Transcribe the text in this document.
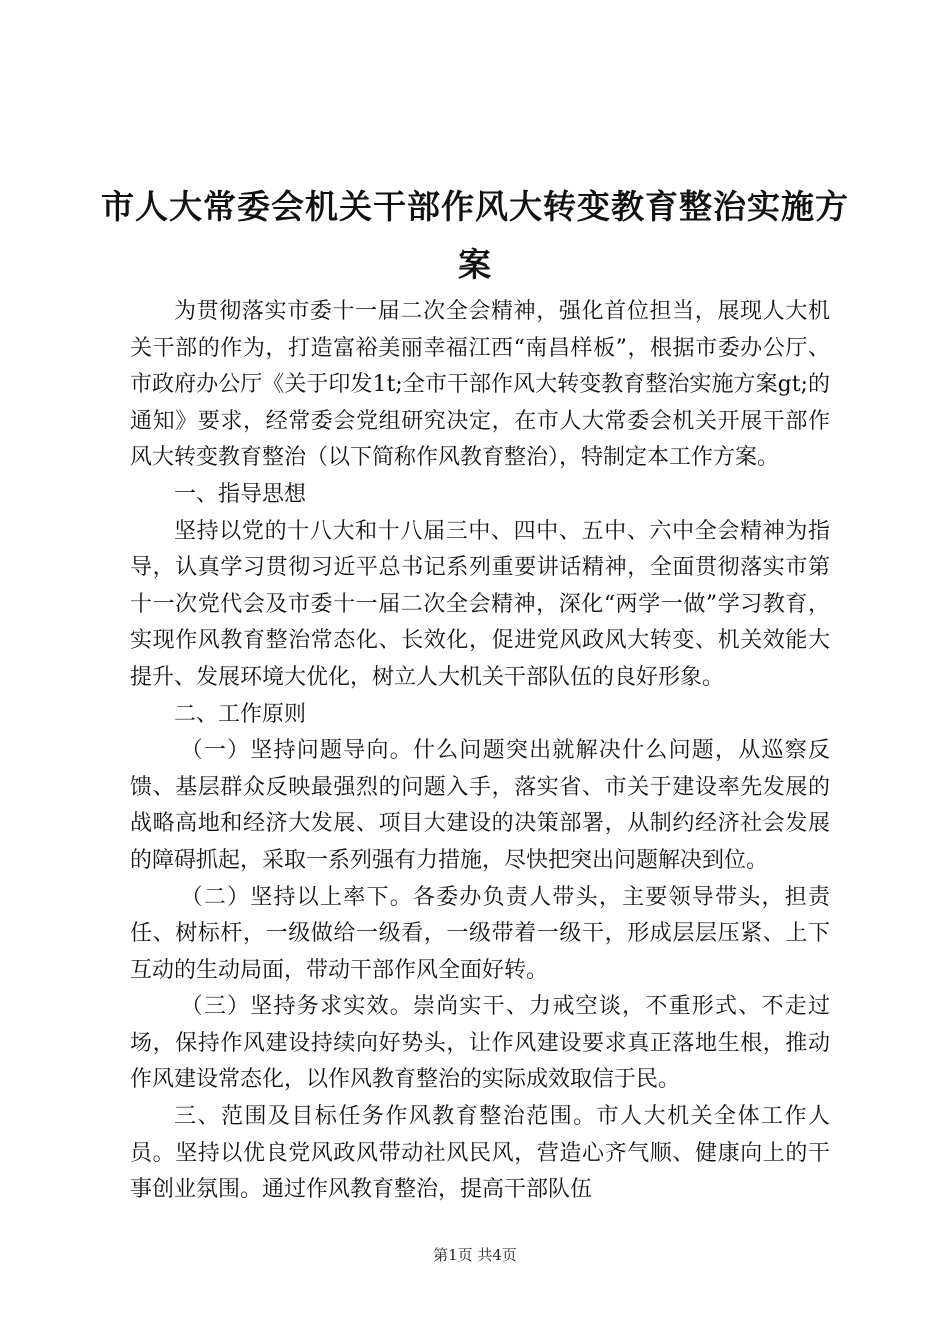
市人大常委会机关干部作风大转变教育整治实施方案

为贯彻落实市委十一届二次全会精神，强化首位担当，展现人大机关干部的作为，打造富裕美丽幸福江西“南昌样板”，根据市委办公厅、市政府办公厅《关于印发1t;全市干部作风大转变教育整治实施方案gt;的通知》要求，经常委会党组研究决定，在市人大常委会机关开展干部作风大转变教育整治（以下简称作风教育整治），特制定本工作方案。

一、指导思想

坚持以党的十八大和十八届三中、四中、五中、六中全会精神为指导，认真学习贯彻习近平总书记系列重要讲话精神，全面贯彻落实市第十一次党代会及市委十一届二次全会精神，深化“两学一做”学习教育，实现作风教育整治常态化、长效化，促进党风政风大转变、机关效能大提升、发展环境大优化，树立人大机关干部队伍的良好形象。

二、工作原则

（一）坚持问题导向。什么问题突出就解决什么问题，从巡察反馈、基层群众反映最强烈的问题入手，落实省、市关于建设率先发展的战略高地和经济大发展、项目大建设的决策部署，从制约经济社会发展的障碍抓起，采取一系列强有力措施，尽快把突出问题解决到位。

（二）坚持以上率下。各委办负责人带头，主要领导带头，担责任、树标杆，一级做给一级看，一级带着一级干，形成层层压紧、上下互动的生动局面，带动干部作风全面好转。

（三）坚持务求实效。崇尚实干、力戒空谈，不重形式、不走过场，保持作风建设持续向好势头，让作风建设要求真正落地生根，推动作风建设常态化，以作风教育整治的实际成效取信于民。

三、范围及目标任务作风教育整治范围。市人大机关全体工作人员。坚持以优良党风政风带动社风民风，营造心齐气顺、健康向上的干事创业氛围。通过作风教育整治，提高干部队伍

第1页 共4页
